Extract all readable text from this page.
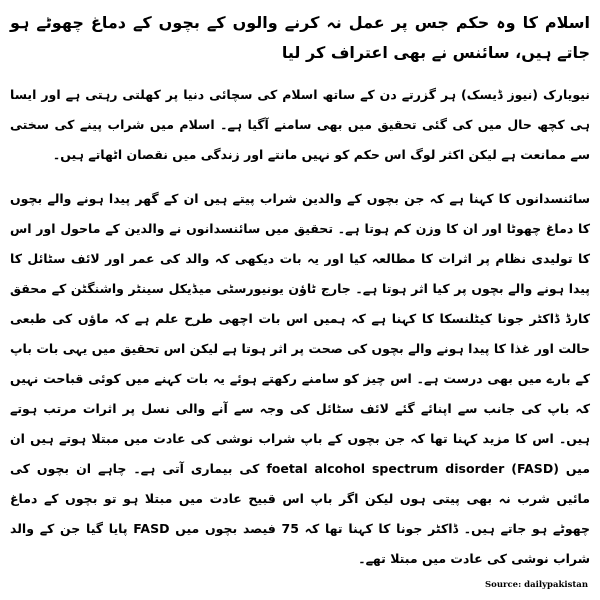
اسلام کا وہ حکم جس پر عمل نہ کرنے والوں کے بچوں کے دماغ چھوٹے ہو جاتے ہیں، سائنس نے بھی اعتراف کر لیا

نیویارک (نیوز ڈیسک) ہر گزرتے دن کے ساتھ اسلام کی سچائی دنیا پر کھلتی رہتی ہے اور ایسا ہی کچھ حال میں کی گئی تحقیق میں بھی سامنے آگیا ہے۔ اسلام میں شراب پینے کی سختی سے ممانعت ہے لیکن اکثر لوگ اس حکم کو نہیں مانتے اور زندگی میں نقصان اٹھاتے ہیں۔

سائنسدانوں کا کہنا ہے کہ جن بچوں کے والدین شراب پیتے ہیں ان کے گھر پیدا ہونے والے بچوں کا دماغ چھوٹا اور ان کا وزن کم ہوتا ہے۔ تحقیق میں سائنسدانوں نے والدین کے ماحول اور اس کا تولیدی نظام پر اثرات کا مطالعہ کیا اور یہ بات دیکھی کہ والد کی عمر اور لائف سٹائل کا پیدا ہونے والے بچوں پر کیا اثر ہوتا ہے۔ جارج ٹاؤن یونیورسٹی میڈیکل سینٹر واشنگٹن کے محقق کارڈ ڈاکٹر جونا کیٹلنسکا کا کہنا ہے کہ ہمیں اس بات اچھی طرح علم ہے کہ ماؤں کی طبعی حالت اور غذا کا پیدا ہونے والے بچوں کی صحت پر اثر ہوتا ہے لیکن اس تحقیق میں یہی بات باپ کے بارے میں بھی درست ہے۔ اس چیز کو سامنے رکھتے ہوئے یہ بات کہنے میں کوئی قباحت نہیں کہ باپ کی جانب سے اپنائے گئے لائف سٹائل کی وجہ سے آنے والی نسل پر اثرات مرتب ہوتے ہیں۔ اس کا مزید کہنا تھا کہ جن بچوں کے باپ شراب نوشی کی عادت میں مبتلا ہوتے ہیں ان میں (FASD) foetal alcohol spectrum disorder کی بیماری آتی ہے۔ چاہے ان بچوں کی مائیں شرب نہ بھی پیتی ہوں لیکن اگر باپ اس قبیح عادت میں مبتلا ہو تو بچوں کے دماغ چھوٹے ہو جاتے ہیں۔ ڈاکٹر جونا کا کہنا تھا کہ 75 فیصد بچوں میں FASD پایا گیا جن کے والد شراب نوشی کی عادت میں مبتلا تھے۔

Source: dailypakistan
